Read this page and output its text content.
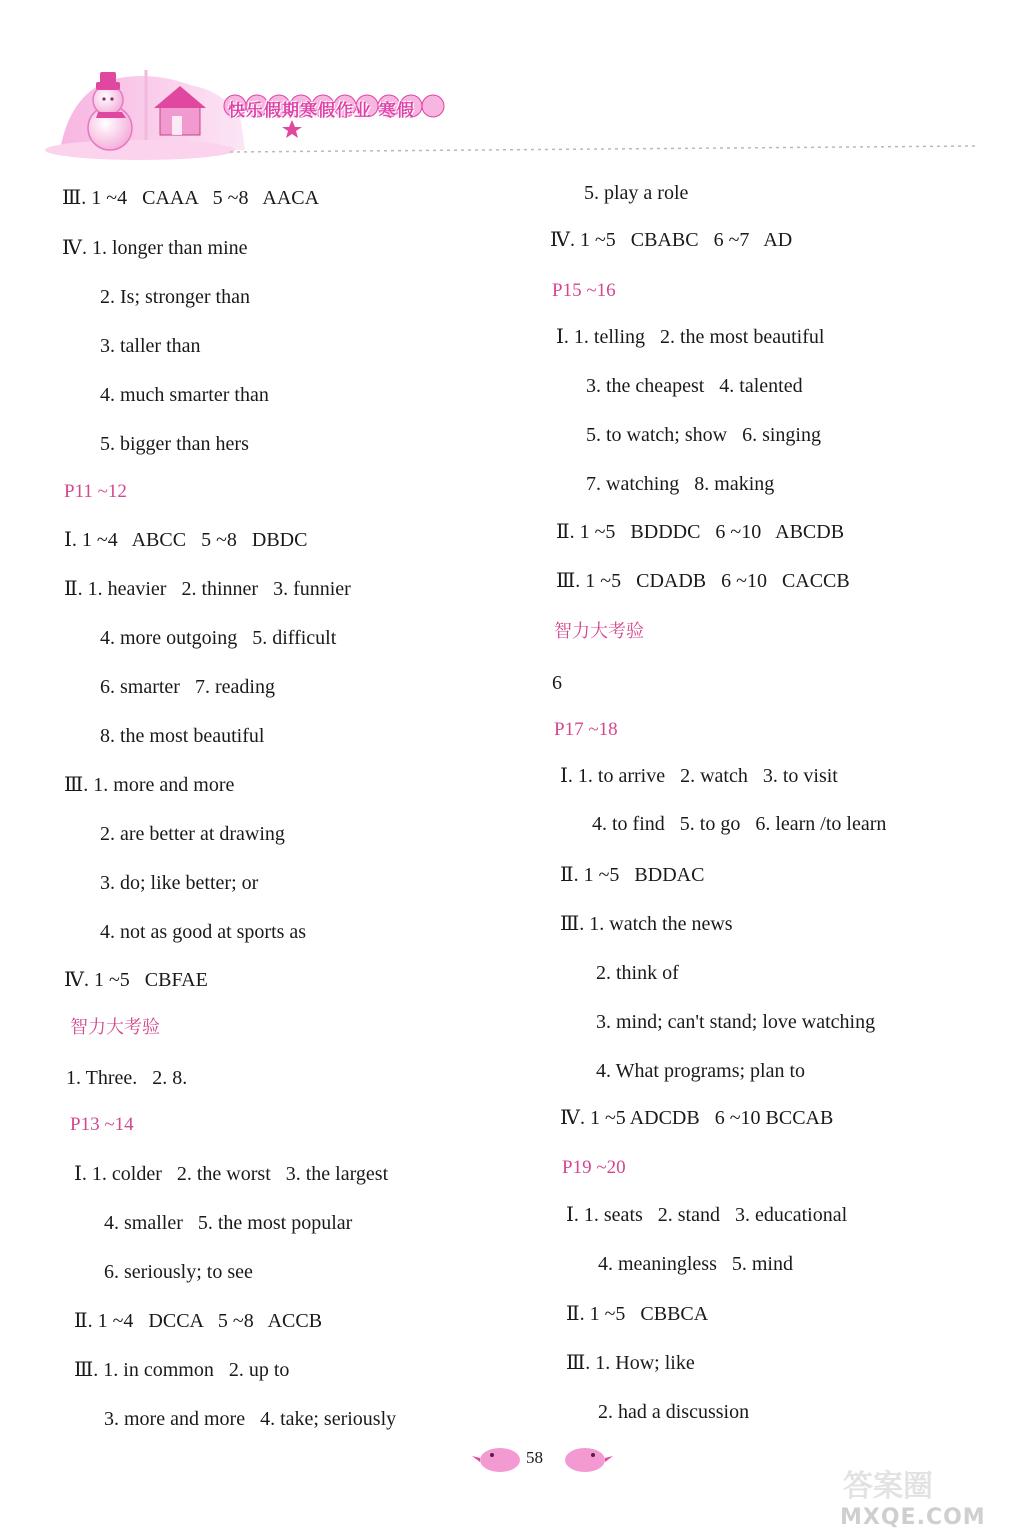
快乐假期寒假作业 寒假
Ⅲ. 1 ~4   CAAA   5 ~8   AACA
Ⅳ. 1. longer than mine
2. Is; stronger than
3. taller than
4. much smarter than
5. bigger than hers
P11 ~12
Ⅰ. 1 ~4   ABCC   5 ~8   DBDC
Ⅱ. 1. heavier   2. thinner   3. funnier
4. more outgoing   5. difficult
6. smarter   7. reading
8. the most beautiful
Ⅲ. 1. more and more
2. are better at drawing
3. do; like better; or
4. not as good at sports as
Ⅳ. 1 ~5   CBFAE
智力大考验
1. Three.   2. 8.
P13 ~14
Ⅰ. 1. colder   2. the worst   3. the largest
4. smaller   5. the most popular
6. seriously; to see
Ⅱ. 1 ~4   DCCA   5 ~8   ACCB
Ⅲ. 1. in common   2. up to
3. more and more   4. take; seriously
5. play a role
Ⅳ. 1 ~5   CBABC   6 ~7   AD
P15 ~16
Ⅰ. 1. telling   2. the most beautiful
3. the cheapest   4. talented
5. to watch; show   6. singing
7. watching   8. making
Ⅱ. 1 ~5   BDDDC   6 ~10   ABCDB
Ⅲ. 1 ~5   CDADB   6 ~10   CACCB
智力大考验
6
P17 ~18
Ⅰ. 1. to arrive   2. watch   3. to visit
4. to find   5. to go   6. learn /to learn
Ⅱ. 1 ~5   BDDAC
Ⅲ. 1. watch the news
2. think of
3. mind; can't stand; love watching
4. What programs; plan to
Ⅳ. 1 ~5 ADCDB   6 ~10 BCCAB
P19 ~20
Ⅰ. 1. seats   2. stand   3. educational
4. meaningless   5. mind
Ⅱ. 1 ~5   CBBCA
Ⅲ. 1. How; like
2. had a discussion
58
答案圈
MXQE.COM
